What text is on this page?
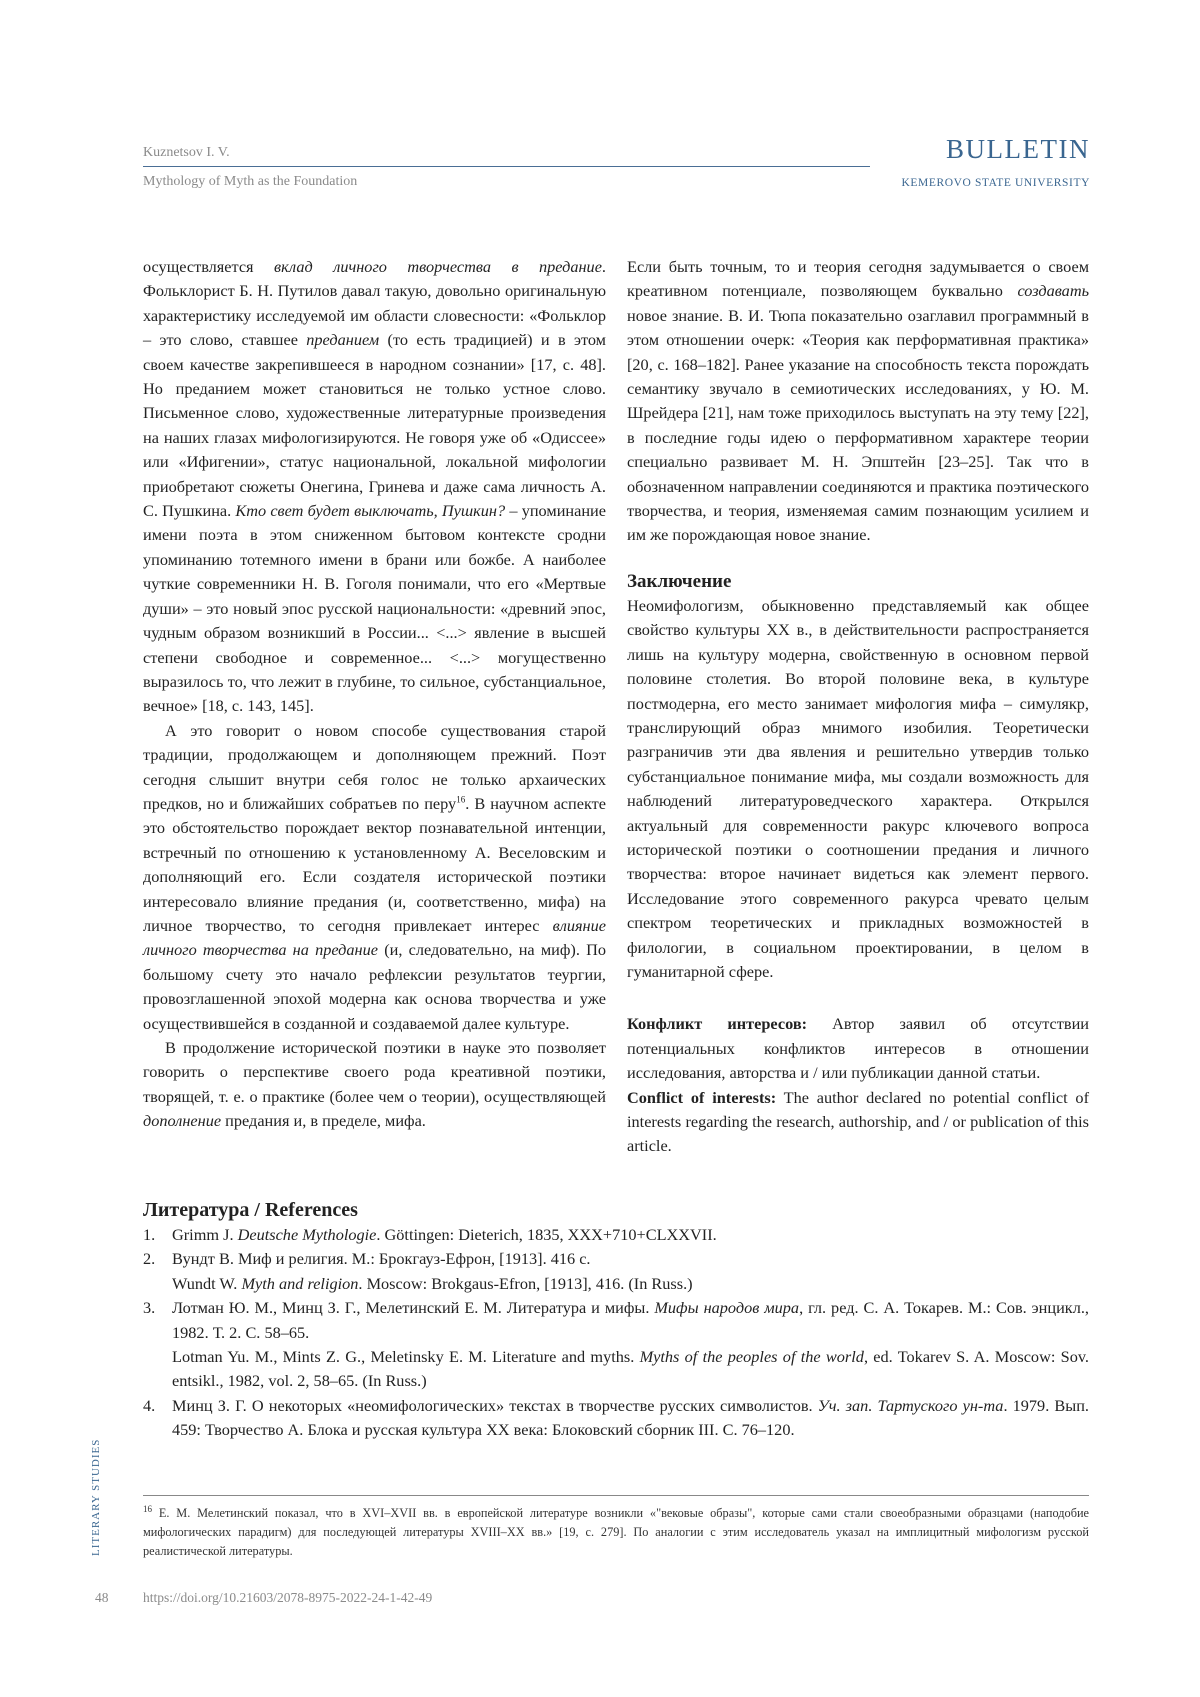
Kuznetsov I. V.
Mythology of Myth as the Foundation
BULLETIN
KEMEROVO STATE UNIVERSITY

осуществляется вклад личного творчества в предание. Фольклорист Б. Н. Путилов давал такую, довольно оригинальную характеристику исследуемой им области словесности: «Фольклор – это слово, ставшее преданием (то есть традицией) и в этом своем качестве закрепившееся в народном сознании» [17, с. 48]. Но преданием может становиться не только устное слово. Письменное слово, художественные литературные произведения на наших глазах мифологизируются. Не говоря уже об «Одиссее» или «Ифигении», статус национальной, локальной мифологии приобретают сюжеты Онегина, Гринева и даже сама личность А. С. Пушкина. Кто свет будет выключать, Пушкин? – упоминание имени поэта в этом сниженном бытовом контексте сродни упоминанию тотемного имени в брани или божбе. А наиболее чуткие современники Н. В. Гоголя понимали, что его «Мертвые души» – это новый эпос русской национальности: «древний эпос, чудным образом возникший в России... <...> явление в высшей степени свободное и современное... <...> могущественно выразилось то, что лежит в глубине, то сильное, субстанциальное, вечное» [18, с. 143, 145].

А это говорит о новом способе существования старой традиции, продолжающем и дополняющем прежний. Поэт сегодня слышит внутри себя голос не только архаических предков, но и ближайших собратьев по перу$^{16}$. В научном аспекте это обстоятельство порождает вектор познавательной интенции, встречный по отношению к установленному А. Веселовским и дополняющий его. Если создателя исторической поэтики интересовало влияние предания (и, соответственно, мифа) на личное творчество, то сегодня привлекает интерес влияние личного творчества на предание (и, следовательно, на миф). По большому счету это начало рефлексии результатов теургии, провозглашенной эпохой модерна как основа творчества и уже осуществившейся в созданной и создаваемой далее культуре.

В продолжение исторической поэтики в науке это позволяет говорить о перспективе своего рода креативной поэтики, творящей, т. е. о практике (более чем о теории), осуществляющей дополнение предания и, в пределе, мифа.

Если быть точным, то и теория сегодня задумывается о своем креативном потенциале, позволяющем буквально создавать новое знание. В. И. Тюпа показательно озаглавил программный в этом отношении очерк: «Теория как перформативная практика» [20, с. 168–182]. Ранее указание на способность текста порождать семантику звучало в семиотических исследованиях, у Ю. М. Шрейдера [21], нам тоже приходилось выступать на эту тему [22], в последние годы идею о перформативном характере теории специально развивает М. Н. Эпштейн [23–25]. Так что в обозначенном направлении соединяются и практика поэтического творчества, и теория, изменяемая самим познающим усилием и им же порождающая новое знание.

Заключение

Неомифологизм, обыкновенно представляемый как общее свойство культуры XX в., в действительности распространяется лишь на культуру модерна, свойственную в основном первой половине столетия. Во второй половине века, в культуре постмодерна, его место занимает мифология мифа – симулякр, транслирующий образ мнимого изобилия. Теоретически разграничив эти два явления и решительно утвердив только субстанциальное понимание мифа, мы создали возможность для наблюдений литературоведческого характера. Открылся актуальный для современности ракурс ключевого вопроса исторической поэтики о соотношении предания и личного творчества: второе начинает видеться как элемент первого. Исследование этого современного ракурса чревато целым спектром теоретических и прикладных возможностей в филологии, в социальном проектировании, в целом в гуманитарной сфере.

Конфликт интересов: Автор заявил об отсутствии потенциальных конфликтов интересов в отношении исследования, авторства и / или публикации данной статьи.

Conflict of interests: The author declared no potential conflict of interests regarding the research, authorship, and / or publication of this article.

Литература / References
1. Grimm J. Deutsche Mythologie. Göttingen: Dieterich, 1835, XXX+710+CLXXVII.
2. Вундт В. Миф и религия. М.: Брокгауз-Ефрон, [1913]. 416 с.
Wundt W. Myth and religion. Moscow: Brokgaus-Efron, [1913], 416. (In Russ.)
3. Лотман Ю. М., Минц З. Г., Мелетинский Е. М. Литература и мифы. Мифы народов мира, гл. ред. С. А. Токарев. М.: Сов. энцикл., 1982. Т. 2. С. 58–65.
Lotman Yu. M., Mints Z. G., Meletinsky E. M. Literature and myths. Myths of the peoples of the world, ed. Tokarev S. A. Moscow: Sov. entsikl., 1982, vol. 2, 58–65. (In Russ.)
4. Минц З. Г. О некоторых «неомифологических» текстах в творчестве русских символистов. Уч. зап. Тартуского ун-та. 1979. Вып. 459: Творчество А. Блока и русская культура XX века: Блоковский сборник III. С. 76–120.
LITERARY STUDIES	$^{16}$ Е. М. Мелетинский показал, что в XVI–XVII вв. в европейской литературе возникли «"вековые образы", которые сами стали своеобразными образцами (наподобие мифологических парадигм) для последующей литературы XVIII–XX вв.» [19, с. 279]. По аналогии с этим исследователь указал на имплицитный мифологизм русской реалистической литературы.
48	https://doi.org/10.21603/2078-8975-2022-24-1-42-49
